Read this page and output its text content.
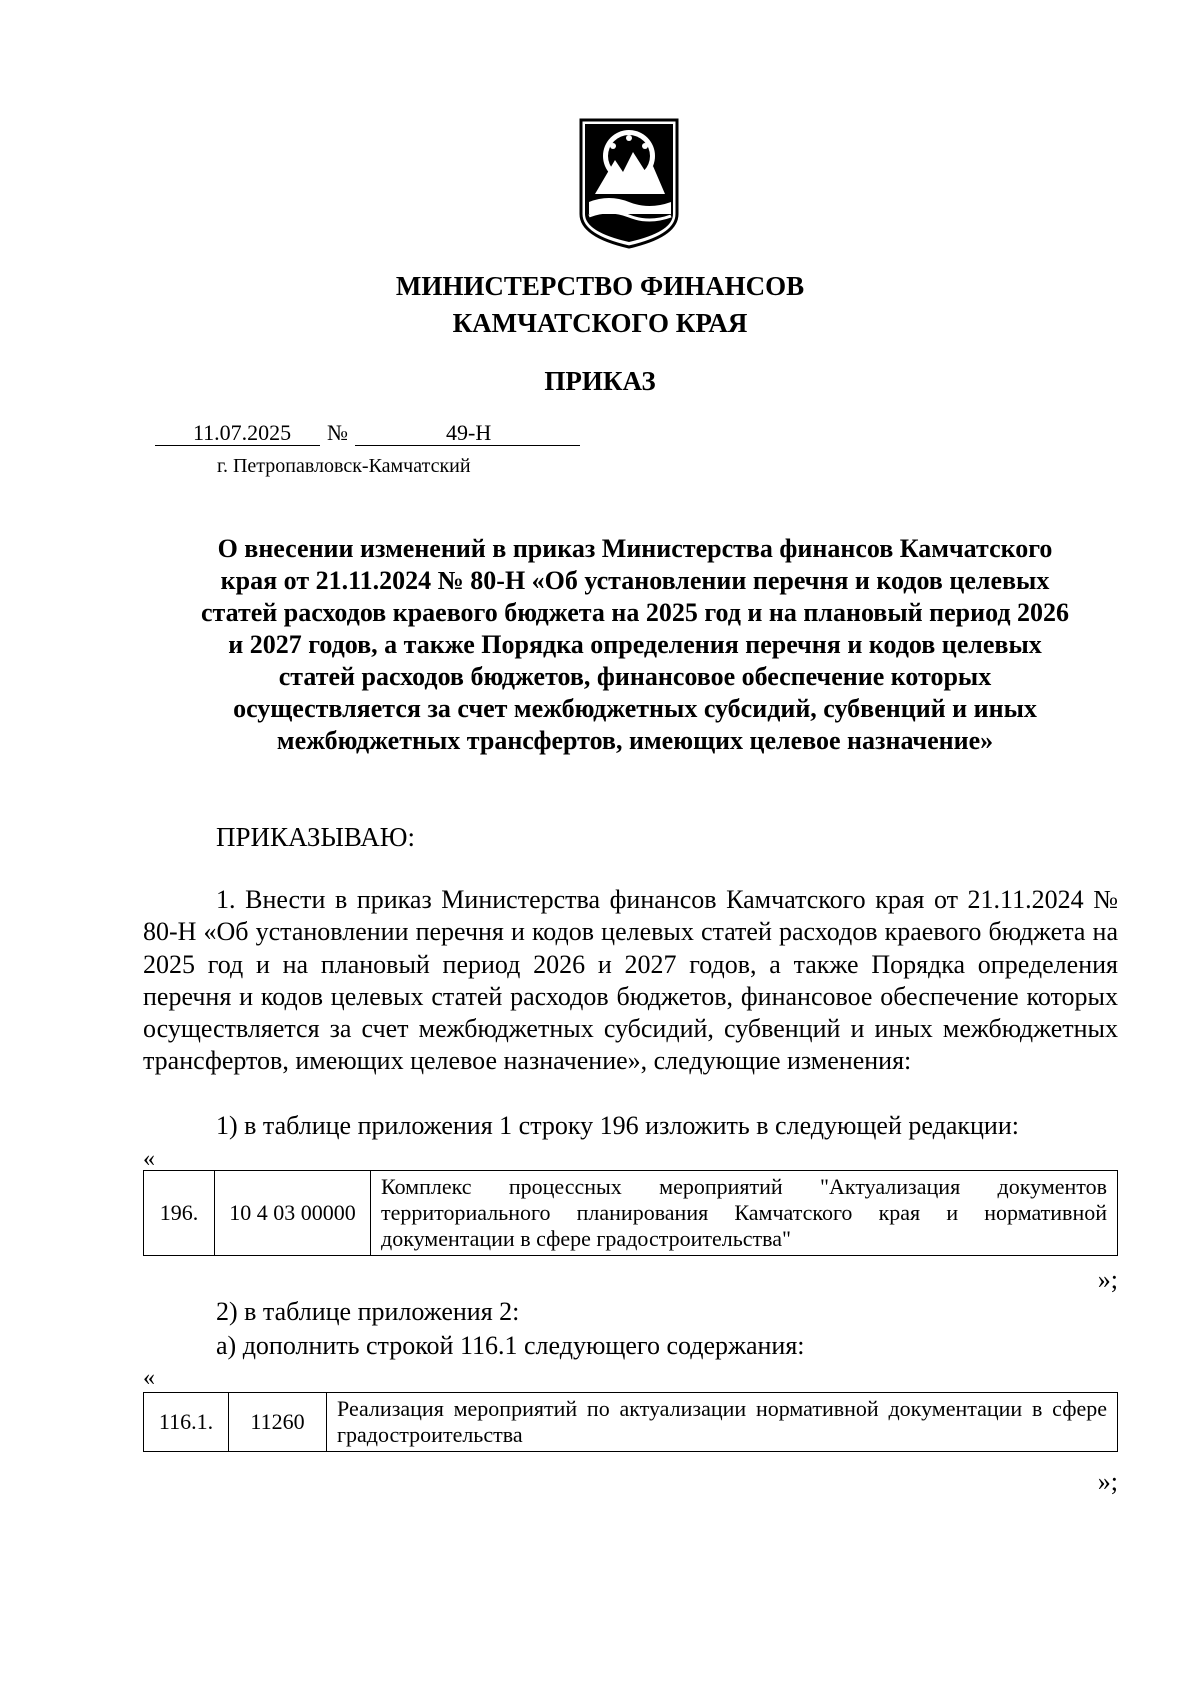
МИНИСТЕРСТВО ФИНАНСОВ
КАМЧАТСКОГО КРАЯ
ПРИКАЗ
11.07.2025 №	49-Н
г. Петропавловск-Камчатский
О внесении изменений в приказ Министерства финансов Камчатского
края от 21.11.2024 № 80-Н «Об установлении перечня и кодов целевых
статей расходов краевого бюджета на 2025 год и на плановый период 2026
и 2027 годов, а также Порядка определения перечня и кодов целевых
статей расходов бюджетов, финансовое обеспечение которых
осуществляется за счет межбюджетных субсидий, субвенций и иных
межбюджетных трансфертов, имеющих целевое назначение»
ПРИКАЗЫВАЮ:
1. Внести в приказ Министерства финансов Камчатского края от 21.11.2024 № 80-Н «Об установлении перечня и кодов целевых статей расходов краевого бюджета на 2025 год и на плановый период 2026 и 2027 годов, а также Порядка определения перечня и кодов целевых статей расходов бюджетов, финансовое обеспечение которых осуществляется за счет межбюджетных субсидий, субвенций и иных межбюджетных трансфертов, имеющих целевое назначение», следующие изменения:
1) в таблице приложения 1 строку 196 изложить в следующей редакции:
«
196.	10 4 03 00000	Комплекс процессных мероприятий "Актуализация документов территориального планирования Камчатского края и нормативной документации в сфере градостроительства"
»;
2) в таблице приложения 2:
а) дополнить строкой 116.1 следующего содержания:
«
116.1.	11260	Реализация мероприятий по актуализации нормативной документации в сфере градостроительства
»;
